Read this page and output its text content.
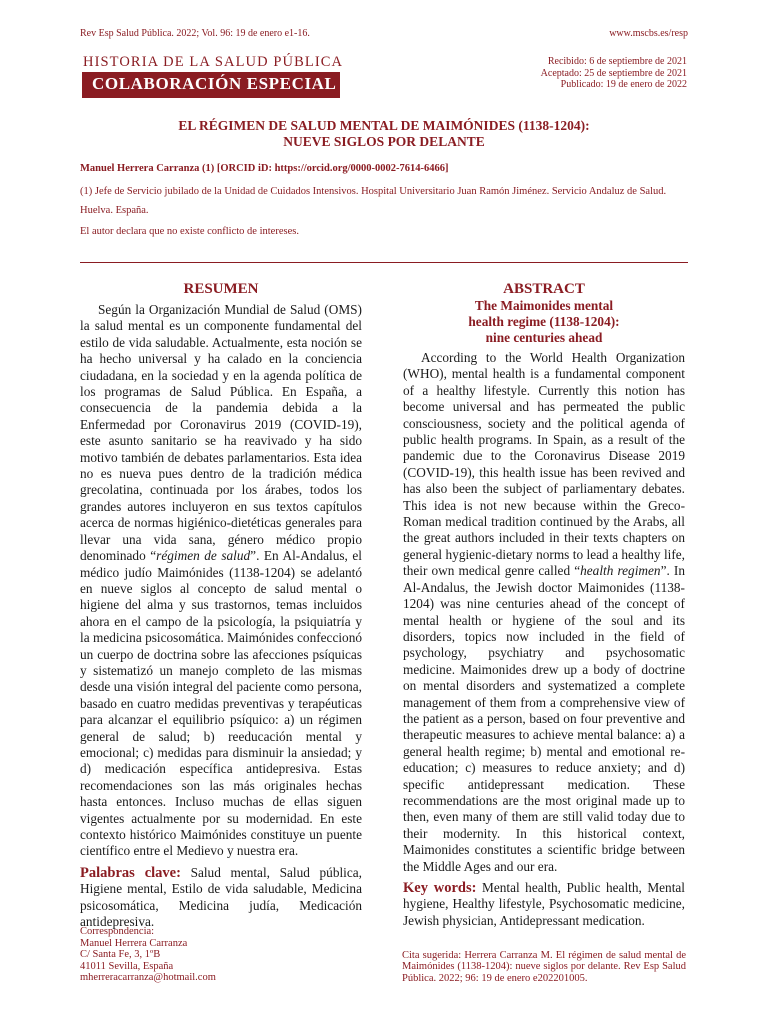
Rev Esp Salud Pública. 2022; Vol. 96: 19 de enero e1-16.	www.mscbs.es/resp
HISTORIA DE LA SALUD PÚBLICA
COLABORACIÓN ESPECIAL
Recibido: 6 de septiembre de 2021
Aceptado: 25 de septiembre de 2021
Publicado: 19 de enero de 2022
EL RÉGIMEN DE SALUD MENTAL DE MAIMÓNIDES (1138-1204):
NUEVE SIGLOS POR DELANTE
Manuel Herrera Carranza (1) [ORCID iD: https://orcid.org/0000-0002-7614-6466]
(1) Jefe de Servicio jubilado de la Unidad de Cuidados Intensivos. Hospital Universitario Juan Ramón Jiménez. Servicio Andaluz de Salud. Huelva. España.
El autor declara que no existe conflicto de intereses.
RESUMEN

Según la Organización Mundial de Salud (OMS) la salud mental es un componente fundamental del estilo de vida saludable. Actualmente, esta noción se ha hecho universal y ha calado en la conciencia ciudadana, en la sociedad y en la agenda política de los programas de Salud Pública. En España, a consecuencia de la pandemia debida a la Enfermedad por Coronavirus 2019 (COVID-19), este asunto sanitario se ha reavivado y ha sido motivo también de debates parlamentarios. Esta idea no es nueva pues dentro de la tradición médica grecolatina, continuada por los árabes, todos los grandes autores incluyeron en sus textos capítulos acerca de normas higiénico-dietéticas generales para llevar una vida sana, género médico propio denominado “régimen de salud”. En Al-Andalus, el médico judío Maimónides (1138-1204) se adelantó en nueve siglos al concepto de salud mental o higiene del alma y sus trastornos, temas incluidos ahora en el campo de la psicología, la psiquiatría y la medicina psicosomática. Maimónides confeccionó un cuerpo de doctrina sobre las afecciones psíquicas y sistematizó un manejo completo de las mismas desde una visión integral del paciente como persona, basado en cuatro medidas preventivas y terapéuticas para alcanzar el equilibrio psíquico: a) un régimen general de salud; b) reeducación mental y emocional; c) medidas para disminuir la ansiedad; y d) medicación específica antidepresiva. Estas recomendaciones son las más originales hechas hasta entonces. Incluso muchas de ellas siguen vigentes actualmente por su modernidad. En este contexto histórico Maimónides constituye un puente científico entre el Medievo y nuestra era.

Palabras clave: Salud mental, Salud pública, Higiene mental, Estilo de vida saludable, Medicina psicosomática, Medicina judía, Medicación antidepresiva.

ABSTRACT
The Maimonides mental
health regime (1138-1204):
nine centuries ahead

According to the World Health Organization (WHO), mental health is a fundamental component of a healthy lifestyle. Currently this notion has become universal and has permeated the public consciousness, society and the political agenda of public health programs. In Spain, as a result of the pandemic due to the Coronavirus Disease 2019 (COVID-19), this health issue has been revived and has also been the subject of parliamentary debates. This idea is not new because within the Greco-Roman medical tradition continued by the Arabs, all the great authors included in their texts chapters on general hygienic-dietary norms to lead a healthy life, their own medical genre called “health regimen”. In Al-Andalus, the Jewish doctor Maimonides (1138-1204) was nine centuries ahead of the concept of mental health or hygiene of the soul and its disorders, topics now included in the field of psychology, psychiatry and psychosomatic medicine. Maimonides drew up a body of doctrine on mental disorders and systematized a complete management of them from a comprehensive view of the patient as a person, based on four preventive and therapeutic measures to achieve mental balance: a) a general health regime; b) mental and emotional re-education; c) measures to reduce anxiety; and d) specific antidepressant medication. These recommendations are the most original made up to then, even many of them are still valid today due to their modernity. In this historical context, Maimonides constitutes a scientific bridge between the Middle Ages and our era.

Key words: Mental health, Public health, Mental hygiene, Healthy lifestyle, Psychosomatic medicine, Jewish physician, Antidepressant medication.

Correspondencia:
Manuel Herrera Carranza
C/ Santa Fe, 3, 1ºB
41011 Sevilla, España
mherreracarranza@hotmail.com
Cita sugerida: Herrera Carranza M. El régimen de salud mental de Maimónides (1138-1204): nueve siglos por delante. Rev Esp Salud Pública. 2022; 96: 19 de enero e202201005.
